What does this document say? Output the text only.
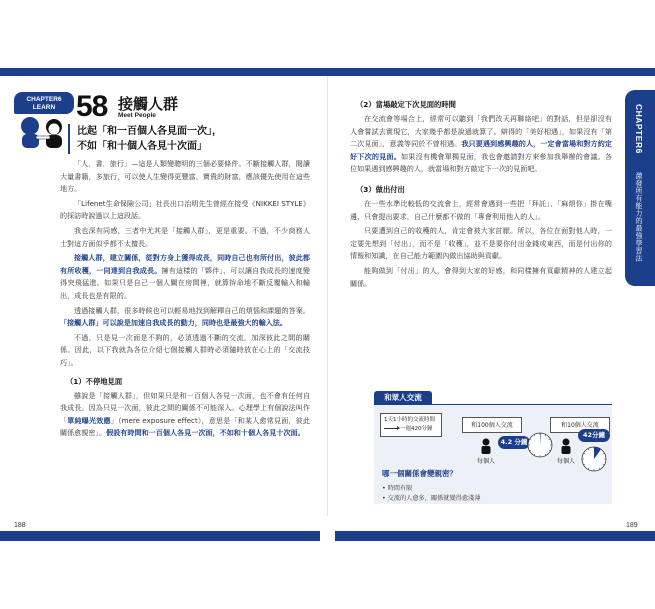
CHAPTER6
LEARN 58 接觸人群
Meet People
比起「和一百個人各見面一次」，
不如「和十個人各見十次面」

「人．書．旅行」—這是人類變聰明的三個必要條件。不斷接觸人群，閱讀大量書籍，多旅行，可以使人生變得更豐富，寶貴的財富，應該優先使用在這些地方。

「Lifenet生命保險公司」社長出口治明先生曾經在接受《NIKKEI STYLE》的採訪時說過以上這段話。

我也深有同感，三者中尤其是「接觸人群」，更是重要。不過，不少商務人士對這方面似乎都不太擅長。

接觸人群，建立關係，從對方身上獲得成長，同時自己也有所付出，彼此都有所收穫，一同達到自我成長。擁有這樣的「夥伴」，可以讓自我成長的速度變得突飛猛進。如果只是自己一個人關在房間裡，就算拚命地不斷反覆輸入和輸出，成長也是有限的。

透過接觸人群，很多時候也可以輕易地找到解釋自己的煩惱和課題的答案。「接觸人群」可以說是加速自我成長的動力，同時也是最強大的輸入法。

不過，只是見一次面是不夠的，必須透過不斷的交流，加深彼此之間的關係。因此，以下我就為各位介紹七個接觸人群時必須隨時放在心上的「交流技巧」。

（1）不停地見面

雖說是「接觸人群」，但如果只是和一百個人各見一次面，也不會有任何自我成長。因為只見一次面，彼此之間的關係不可能深入。心理學上有個說法叫作「單純曝光效應」（mere exposure effect），意思是「和某人愈常見面，彼此關係愈親密」。假設有時間和一百個人各見一次面，不如和十個人各見十次面。

188
CHAPTER6
激發所有能力的最強學習法
（2）當場敲定下次見面的時間

在交流會等場合上，經常可以聽到「我們改天再聯絡吧」的對話，但是卻沒有人會嘗試去實現它，大家幾乎都是說過就算了。辯得的「美好相遇」，如果沒有「第二次見面」，意義等同於不曾相遇。我只要遇到感興趣的人，一定會當場和對方約定好下次的見面。如果沒有機會單獨見面，我也會邀請對方來參加我舉辦的會議。各位如果遇到感興趣的人，就當場和對方敲定下一次的見面吧。

（3）做出付出

在一些水準比較低的交流會上，經常會遇到一些把「拜託」、「麻煩你」掛在嘴邊，只會提出要求，自己什麼都不做的「專會利用他人的人」。

只要遭到自己的收穫的人，肯定會被大家討厭。所以，各位在面對他人時，一定要先想到「付出」，而不是「收穫」，並不是要你付出金錢或東西，而是付出你的情報和知識，在自己能力範圍內做出協助與貢獻。

能夠做到「付出」的人，會得到大家的好感，和同樣擁有貢獻精神的人建立起關係。

和眾人交流
1天1小時的交流時間
一週420分鐘	和100個人交流	和10個人交流
每個人
4.2 分鐘
每個人
42分鐘
哪一個關係會變親密？
• 時間有限
• 交流的人愈多，關係就變得愈淺薄
189
